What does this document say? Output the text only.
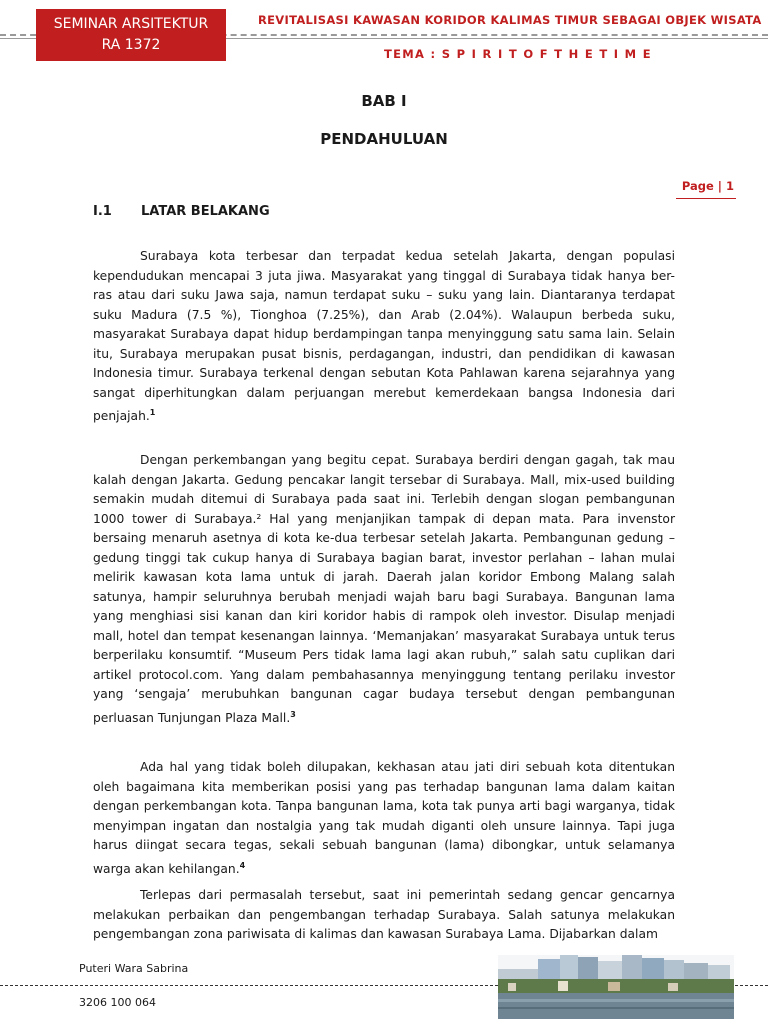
SEMINAR ARSITEKTUR
RA 1372
REVITALISASI KAWASAN KORIDOR KALIMAS TIMUR SEBAGAI OBJEK WISATA
TEMA : S P I R I T O F T H E T I M E
BAB I
PENDAHULUAN
Page | 1
I.1 LATAR BELAKANG

Surabaya kota terbesar dan terpadat kedua setelah Jakarta, dengan populasi kependudukan mencapai 3 juta jiwa. Masyarakat yang tinggal di Surabaya tidak hanya ber-ras atau dari suku Jawa saja, namun terdapat suku – suku yang lain. Diantaranya terdapat suku Madura (7.5 %), Tionghoa (7.25%), dan Arab (2.04%). Walaupun berbeda suku, masyarakat Surabaya dapat hidup berdampingan tanpa menyinggung satu sama lain. Selain itu, Surabaya merupakan pusat bisnis, perdagangan, industri, dan pendidikan di kawasan Indonesia timur. Surabaya terkenal dengan sebutan Kota Pahlawan karena sejarahnya yang sangat diperhitungkan dalam perjuangan merebut kemerdekaan bangsa Indonesia dari penjajah.$^1$

Dengan perkembangan yang begitu cepat. Surabaya berdiri dengan gagah, tak mau kalah dengan Jakarta. Gedung pencakar langit tersebar di Surabaya. Mall, mix-used building semakin mudah ditemui di Surabaya pada saat ini. Terlebih dengan slogan pembangunan 1000 tower di Surabaya.² Hal yang menjanjikan tampak di depan mata. Para invenstor bersaing menaruh asetnya di kota ke-dua terbesar setelah Jakarta. Pembangunan gedung – gedung tinggi tak cukup hanya di Surabaya bagian barat, investor perlahan – lahan mulai melirik kawasan kota lama untuk di jarah. Daerah jalan koridor Embong Malang salah satunya, hampir seluruhnya berubah menjadi wajah baru bagi Surabaya. Bangunan lama yang menghiasi sisi kanan dan kiri koridor habis di rampok oleh investor. Disulap menjadi mall, hotel dan tempat kesenangan lainnya. ‘Memanjakan’ masyarakat Surabaya untuk terus berperilaku konsumtif. “Museum Pers tidak lama lagi akan rubuh,” salah satu cuplikan dari artikel protocol.com. Yang dalam pembahasannya menyinggung tentang perilaku investor yang ‘sengaja’ merubuhkan bangunan cagar budaya tersebut dengan pembangunan perluasan Tunjungan Plaza Mall.$^3$

Ada hal yang tidak boleh dilupakan, kekhasan atau jati diri sebuah kota ditentukan oleh bagaimana kita memberikan posisi yang pas terhadap bangunan lama dalam kaitan dengan perkembangan kota. Tanpa bangunan lama, kota tak punya arti bagi warganya, tidak menyimpan ingatan dan nostalgia yang tak mudah diganti oleh unsure lainnya. Tapi juga harus diingat secara tegas, sekali sebuah bangunan (lama) dibongkar, untuk selamanya warga akan kehilangan.$^4$

Terlepas dari permasalah tersebut, saat ini pemerintah sedang gencar gencarnya melakukan perbaikan dan pengembangan terhadap Surabaya. Salah satunya melakukan pengembangan zona pariwisata di kalimas dan kawasan Surabaya Lama. Dijabarkan dalam

Puteri Wara Sabrina
3206 100 064
